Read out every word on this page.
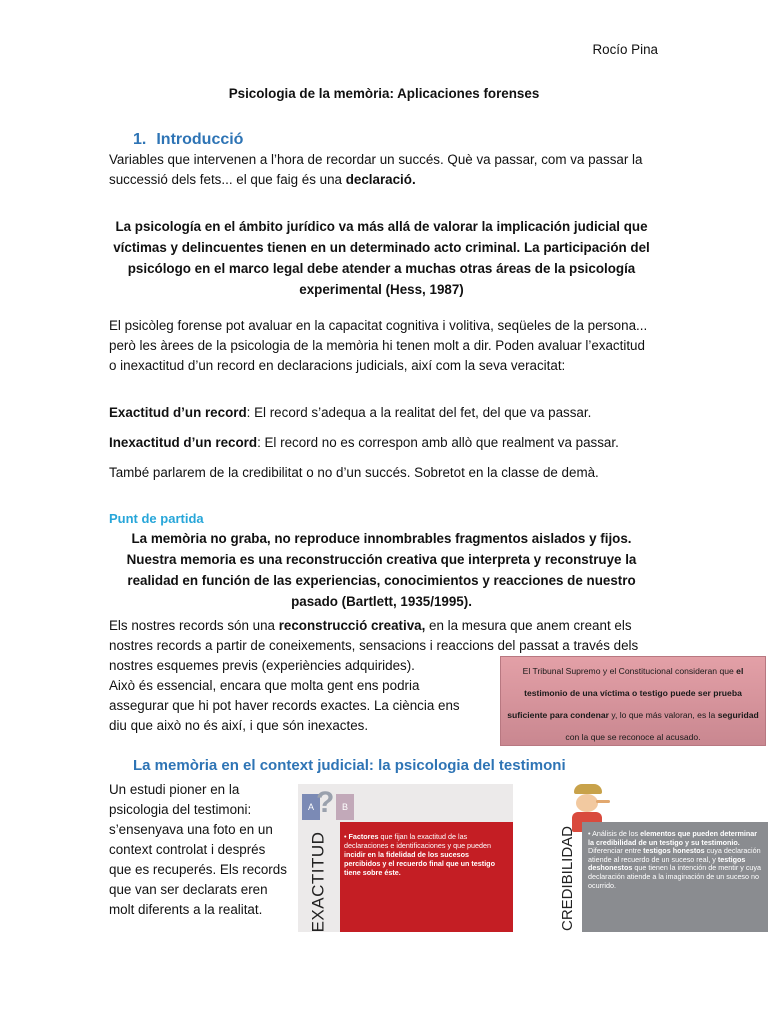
Rocío Pina
Psicologia de la memòria: Aplicaciones forenses
1. Introducció
Variables que intervenen a l’hora de recordar un succés. Què va passar, com va passar la successió dels fets... el que faig és una declaració.
La psicología en el ámbito jurídico va más allá de valorar la implicación judicial que víctimas y delincuentes tienen en un determinado acto criminal. La participación del psicólogo en el marco legal debe atender a muchas otras áreas de la psicología experimental (Hess, 1987)
El psicòleg forense pot avaluar en la capacitat cognitiva i volitiva, seqüeles de la persona... però les àrees de la psicologia de la memòria hi tenen molt a dir. Poden avaluar l’exactitud o inexactitud d’un record en declaracions judicials, així com la seva veracitat:
Exactitud d’un record: El record s’adequa a la realitat del fet, del que va passar.
Inexactitud d’un record: El record no es correspon amb allò que realment va passar.
També parlarem de la credibilitat o no d’un succés. Sobretot en la classe de demà.
Punt de partida
La memòria no graba, no reproduce innombrables fragmentos aislados y fijos. Nuestra memoria es una reconstrucción creativa que interpreta y reconstruye la realidad en función de las experiencias, conocimientos y reacciones de nuestro pasado (Bartlett, 1935/1995).
Els nostres records són una reconstrucció creativa, en la mesura que anem creant els nostres records a partir de coneixements, sensacions i reaccions del passat a través dels nostres esquemes previs (experiències adquirides).
Això és essencial, encara que molta gent ens podria assegurar que hi pot haver records exactes. La ciència ens diu que això no és així, i que són inexactes.
El Tribunal Supremo y el Constitucional consideran que el testimonio de una víctima o testigo puede ser prueba suficiente para condenar y, lo que más valoran, es la seguridad con la que se reconoce al acusado.
La memòria en el context judicial: la psicologia del testimoni
Un estudi pioner en la psicologia del testimoni: s’ensenyava una foto en un context controlat i després que es recuperés. Els records que van ser declarats eren molt diferents a la realitat.
A ? B
EXACTITUD • Factores que fijan la exactitud de las declaraciones e identificaciones y que pueden incidir en la fidelidad de los sucesos percibidos y el recuerdo final que un testigo tiene sobre éste.	CREDIBILIDAD • Análisis de los elementos que pueden determinar la credibilidad de un testigo y su testimonio. Diferenciar entre testigos honestos cuya declaración atiende al recuerdo de un suceso real, y testigos deshonestos que tienen la intención de mentir y cuya declaración atiende a la imaginación de un suceso no ocurrido.
